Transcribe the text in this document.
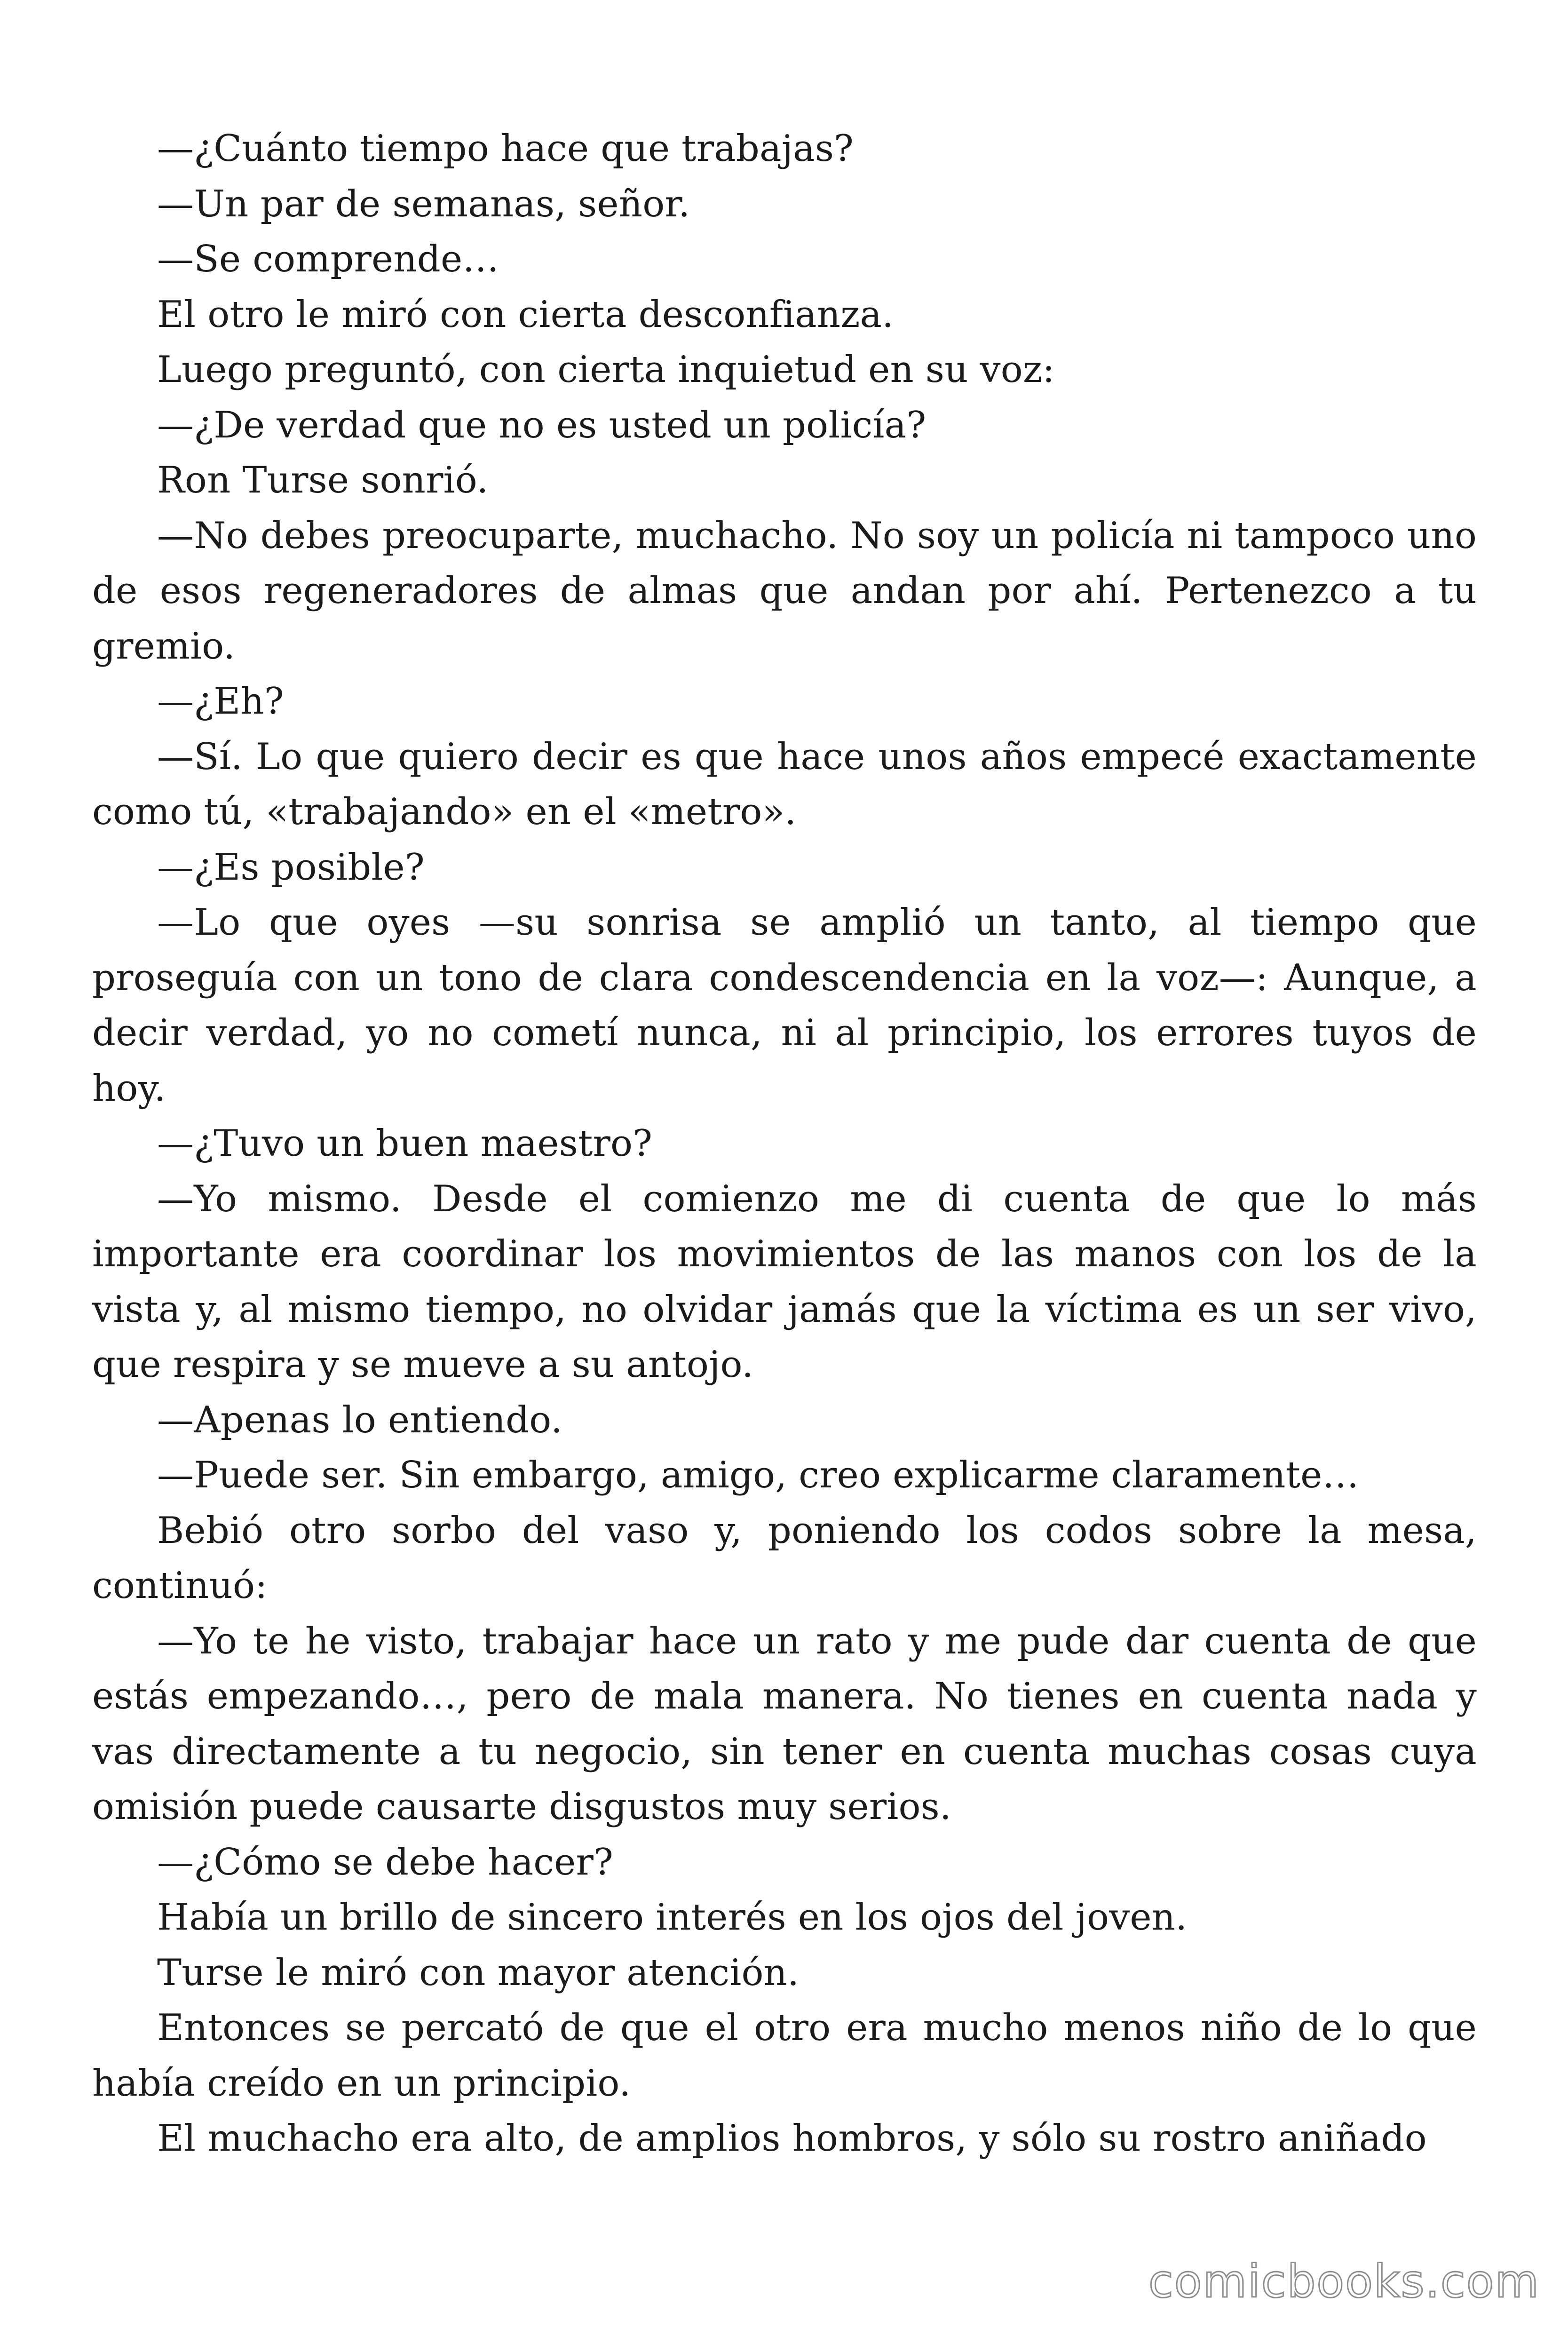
—¿Cuánto tiempo hace que trabajas?

—Un par de semanas, señor.

—Se comprende…

El otro le miró con cierta desconfianza.

Luego preguntó, con cierta inquietud en su voz:

—¿De verdad que no es usted un policía?

Ron Turse sonrió.

—No debes preocuparte, muchacho. No soy un policía ni tampoco uno de esos regeneradores de almas que andan por ahí. Pertenezco a tu gremio.

—¿Eh?

—Sí. Lo que quiero decir es que hace unos años empecé exactamente como tú, «trabajando» en el «metro».

—¿Es posible?

—Lo que oyes —su sonrisa se amplió un tanto, al tiempo que proseguía con un tono de clara condescendencia en la voz—: Aunque, a decir verdad, yo no cometí nunca, ni al principio, los errores tuyos de hoy.

—¿Tuvo un buen maestro?

—Yo mismo. Desde el comienzo me di cuenta de que lo más importante era coordinar los movimientos de las manos con los de la vista y, al mismo tiempo, no olvidar jamás que la víctima es un ser vivo, que respira y se mueve a su antojo.

—Apenas lo entiendo.

—Puede ser. Sin embargo, amigo, creo explicarme claramente…

Bebió otro sorbo del vaso y, poniendo los codos sobre la mesa, continuó:

—Yo te he visto, trabajar hace un rato y me pude dar cuenta de que estás empezando…, pero de mala manera. No tienes en cuenta nada y vas directamente a tu negocio, sin tener en cuenta muchas cosas cuya omisión puede causarte disgustos muy serios.

—¿Cómo se debe hacer?

Había un brillo de sincero interés en los ojos del joven.

Turse le miró con mayor atención.

Entonces se percató de que el otro era mucho menos niño de lo que había creído en un principio.

El muchacho era alto, de amplios hombros, y sólo su rostro aniñado

comicbooks.com
